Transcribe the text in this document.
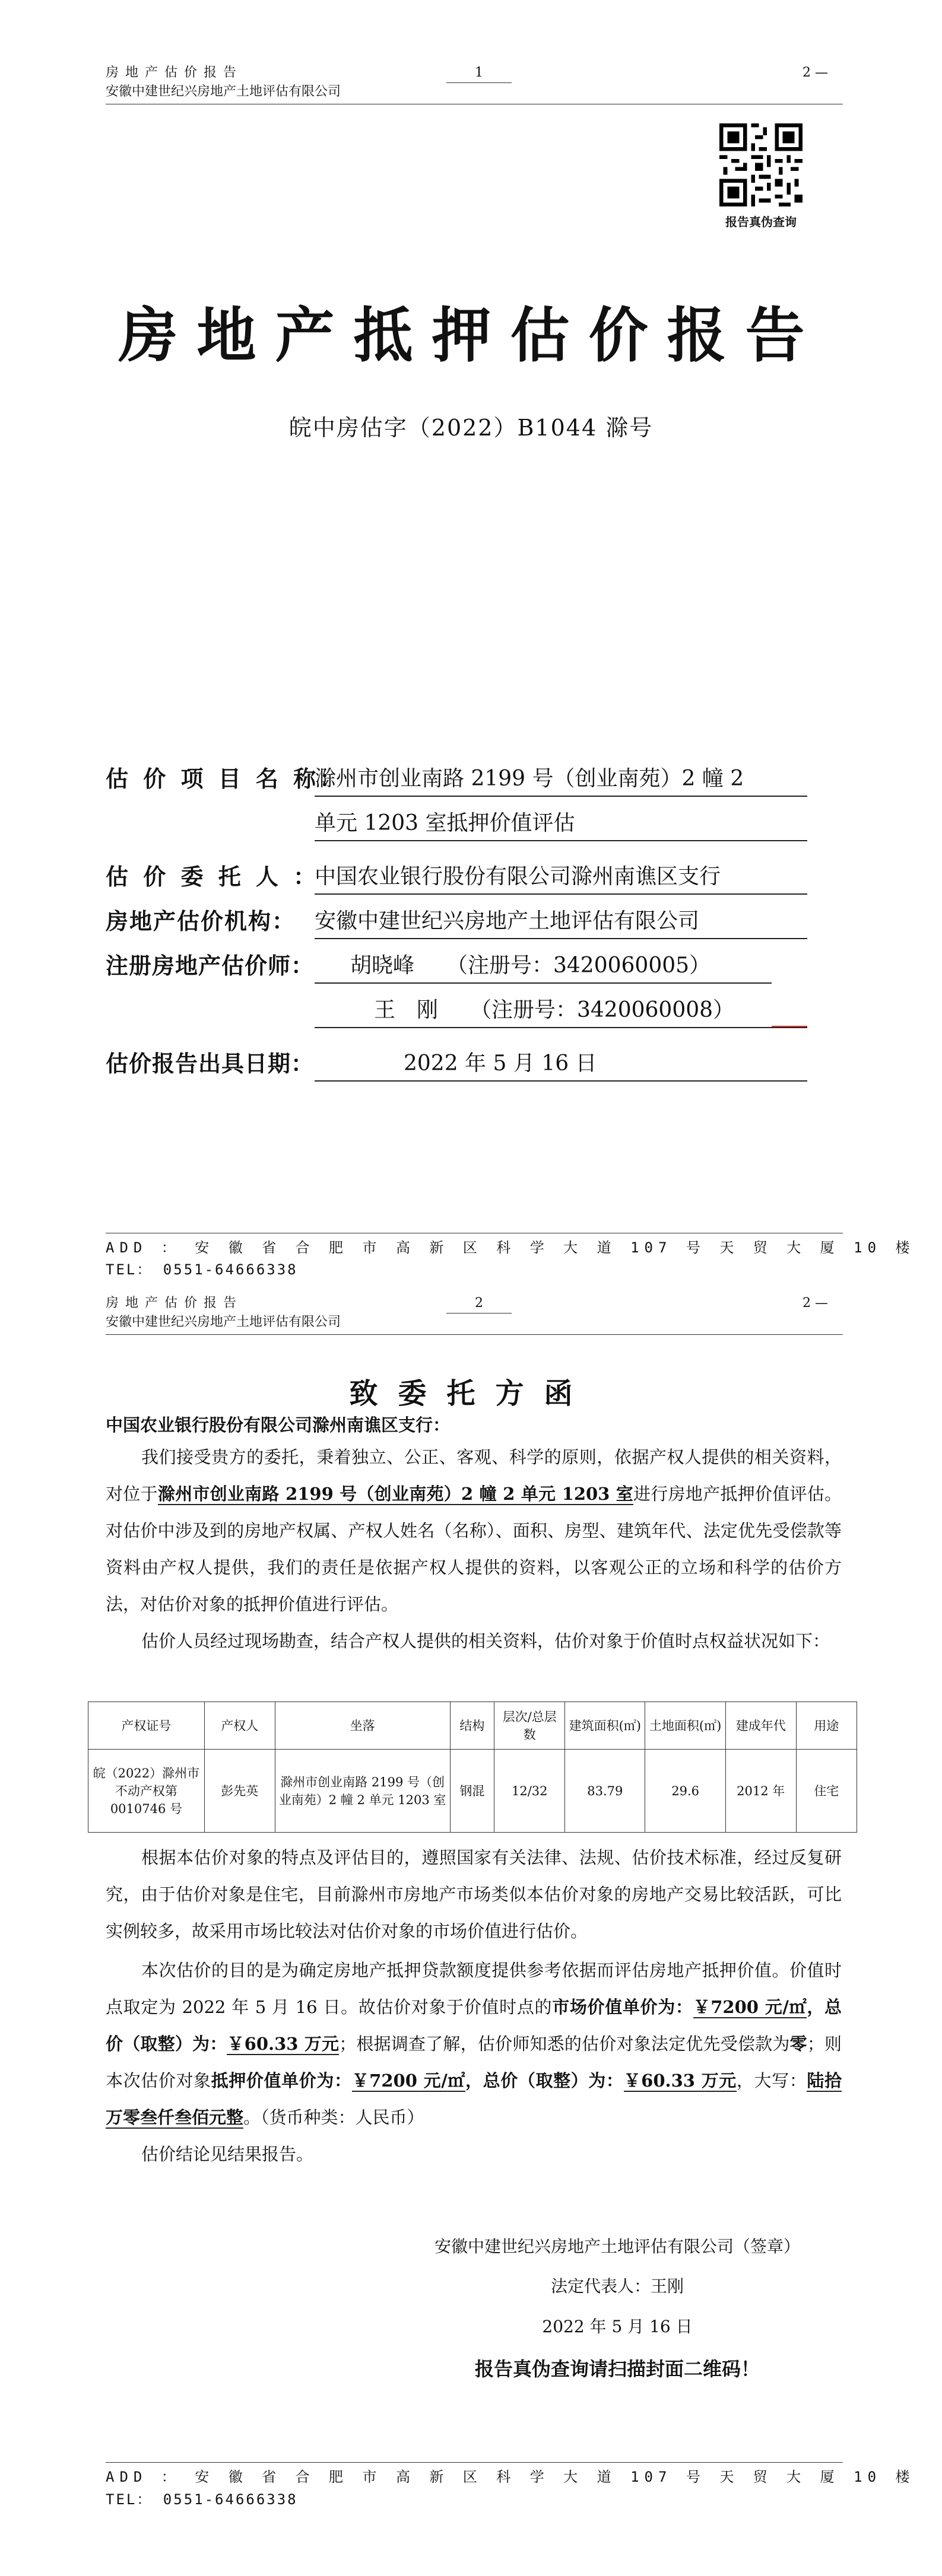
房 地 产 估 价 报 告
安徽中建世纪兴房地产土地评估有限公司
1	2 —
报告真伪查询
房地产抵押估价报告
皖中房估字（2022）B1044 滁号
估 价 项 目 名 称：
滁州市创业南路 2199 号（创业南苑）2 幢 2
单元 1203 室抵押价值评估
估 价 委 托 人 ：
中国农业银行股份有限公司滁州南谯区支行
房地产估价机构： 安徽中建世纪兴房地产土地评估有限公司
注册房地产估价师：	胡晓峰　　（注册号：3420060005）
王　刚　　（注册号：3420060008）
估价报告出具日期：	2022 年 5 月 16 日
ADD ： 安 徽 省 合 肥 市 高 新 区 科 学 大 道 107 号 天 贸 大 厦 10 楼
TEL： 0551-64666338
房 地 产 估 价 报 告
安徽中建世纪兴房地产土地评估有限公司
2	2 —
致委托方函
中国农业银行股份有限公司滁州南谯区支行：
我们接受贵方的委托，秉着独立、公正、客观、科学的原则，依据产权人提供的相关资料，对位于滁州市创业南路 2199 号（创业南苑）2 幢 2 单元 1203 室进行房地产抵押价值评估。对估价中涉及到的房地产权属、产权人姓名（名称）、面积、房型、建筑年代、法定优先受偿款等资料由产权人提供，我们的责任是依据产权人提供的资料，以客观公正的立场和科学的估价方法，对估价对象的抵押价值进行评估。
估价人员经过现场勘查，结合产权人提供的相关资料，估价对象于价值时点权益状况如下：
产权证号	产权人	坐落	结构	层次/总层数	建筑面积(㎡)	土地面积(㎡)	建成年代	用途
皖（2022）滁州市不动产权第0010746 号	彭先英	滁州市创业南路 2199 号（创业南苑）2 幢 2 单元 1203 室	钢混	12/32	83.79	29.6	2012 年	住宅
根据本估价对象的特点及评估目的，遵照国家有关法律、法规、估价技术标准，经过反复研究，由于估价对象是住宅，目前滁州市房地产市场类似本估价对象的房地产交易比较活跃，可比实例较多，故采用市场比较法对估价对象的市场价值进行估价。
本次估价的目的是为确定房地产抵押贷款额度提供参考依据而评估房地产抵押价值。价值时点取定为 2022 年 5 月 16 日。故估价对象于价值时点的市场价值单价为：￥7200 元/㎡，总价（取整）为：￥60.33 万元；根据调查了解，估价师知悉的估价对象法定优先受偿款为零；则本次估价对象抵押价值单价为：￥7200 元/㎡，总价（取整）为：￥60.33 万元，大写：陆拾万零叁仟叁佰元整。（货币种类：人民币）
估价结论见结果报告。
安徽中建世纪兴房地产土地评估有限公司（签章）
法定代表人：王刚
2022 年 5 月 16 日
报告真伪查询请扫描封面二维码！
ADD ： 安 徽 省 合 肥 市 高 新 区 科 学 大 道 107 号 天 贸 大 厦 10 楼
TEL： 0551-64666338
